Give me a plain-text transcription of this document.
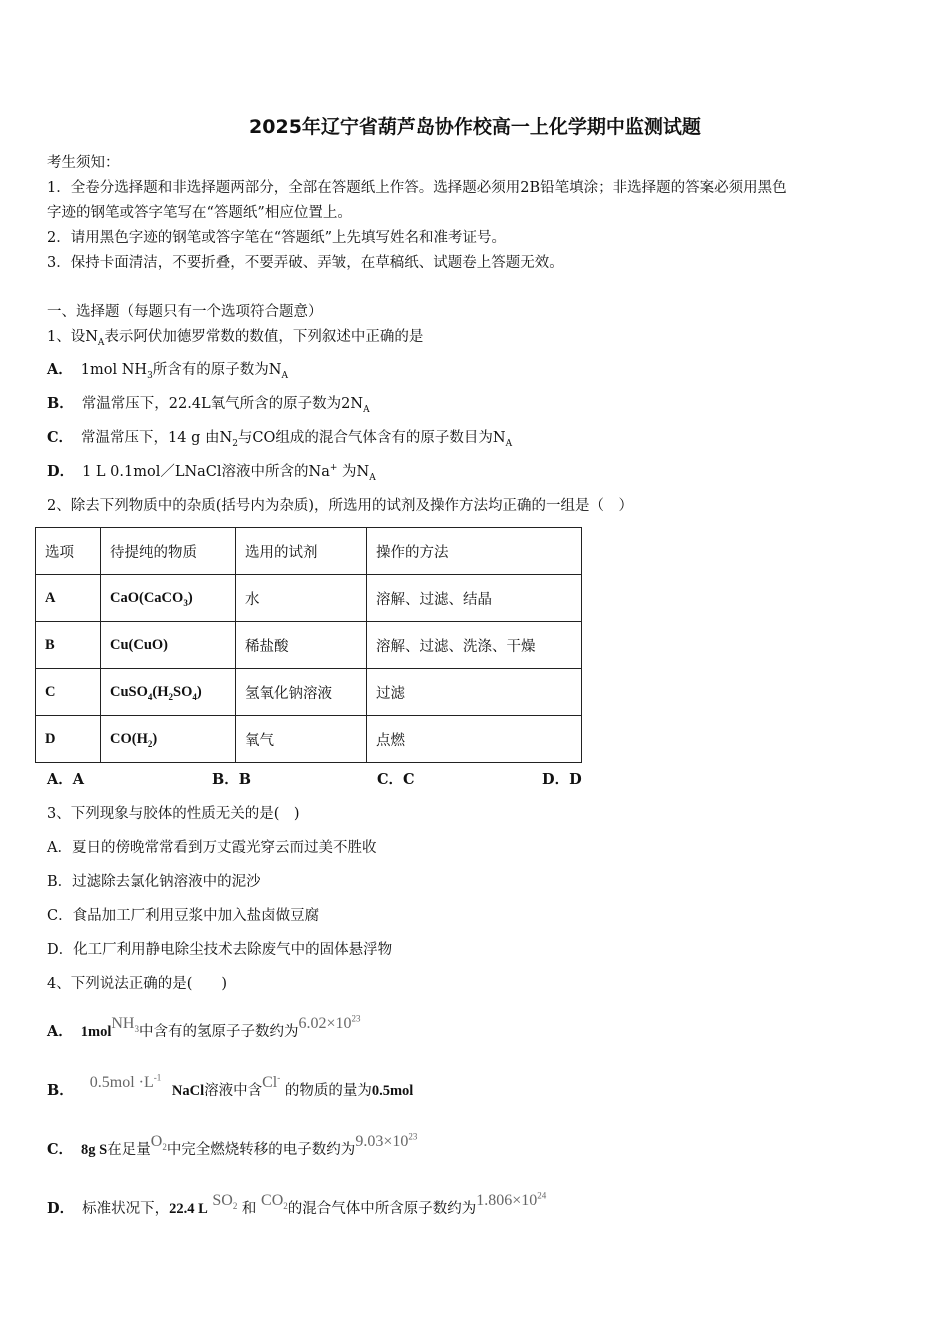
2025年辽宁省葫芦岛协作校高一上化学期中监测试题
考生须知：
1．全卷分选择题和非选择题两部分，全部在答题纸上作答。选择题必须用2B铅笔填涂；非选择题的答案必须用黑色
字迹的钢笔或答字笔写在“答题纸”相应位置上。
2．请用黑色字迹的钢笔或答字笔在“答题纸”上先填写姓名和准考证号。
3．保持卡面清洁，不要折叠，不要弄破、弄皱，在草稿纸、试题卷上答题无效。
一、选择题（每题只有一个选项符合题意）
1、设$N_A$表示阿伏加德罗常数的数值，下列叙述中正确的是
A． 1mol $NH_3$所含有的原子数为$N_A$
B． 常温常压下，22.4L氧气所含的原子数为$2N_A$
C． 常温常压下，14 g 由$N_2$与CO组成的混合气体含有的原子数目为$N_A$
D． 1 L 0.1mol／LNaCl溶液中所含的Na+ 为$N_A$
2、除去下列物质中的杂质(括号内为杂质)，所选用的试剂及操作方法均正确的一组是（　）
选项	待提纯的物质	选用的试剂	操作的方法
A	CaO(CaCO$_3$)	水	溶解、过滤、结晶
B	Cu(CuO)	稀盐酸	溶解、过滤、洗涤、干燥
C	$CuSO_4(H_2SO_4)$	氢氧化钠溶液	过滤
D	$CO(H_2)$	氧气	点燃
A．A	B．B	C．C	D．D
3、下列现象与胶体的性质无关的是(　)
A．夏日的傍晚常常看到万丈霞光穿云而过美不胜收
B．过滤除去氯化钠溶液中的泥沙
C．食品加工厂利用豆浆中加入盐卤做豆腐
D．化工厂利用静电除尘技术去除废气中的固体悬浮物
4、下列说法正确的是(　　)
A． 1molNH$_3$中含有的氢原子子数约为$6.02\times 10^{23}$
B． $0.5mol \cdot L^{-1}$ NaCl溶液中含Cl- 的物质的量为0.5mol
C． 8g S在足量$O_2$中完全燃烧转移的电子数约为$9.03\times 10^{23}$
D． 标准状况下，22.4 L $SO_2$ 和 $CO_2$的混合气体中所含原子数约为$1.806\times 10^{24}$
